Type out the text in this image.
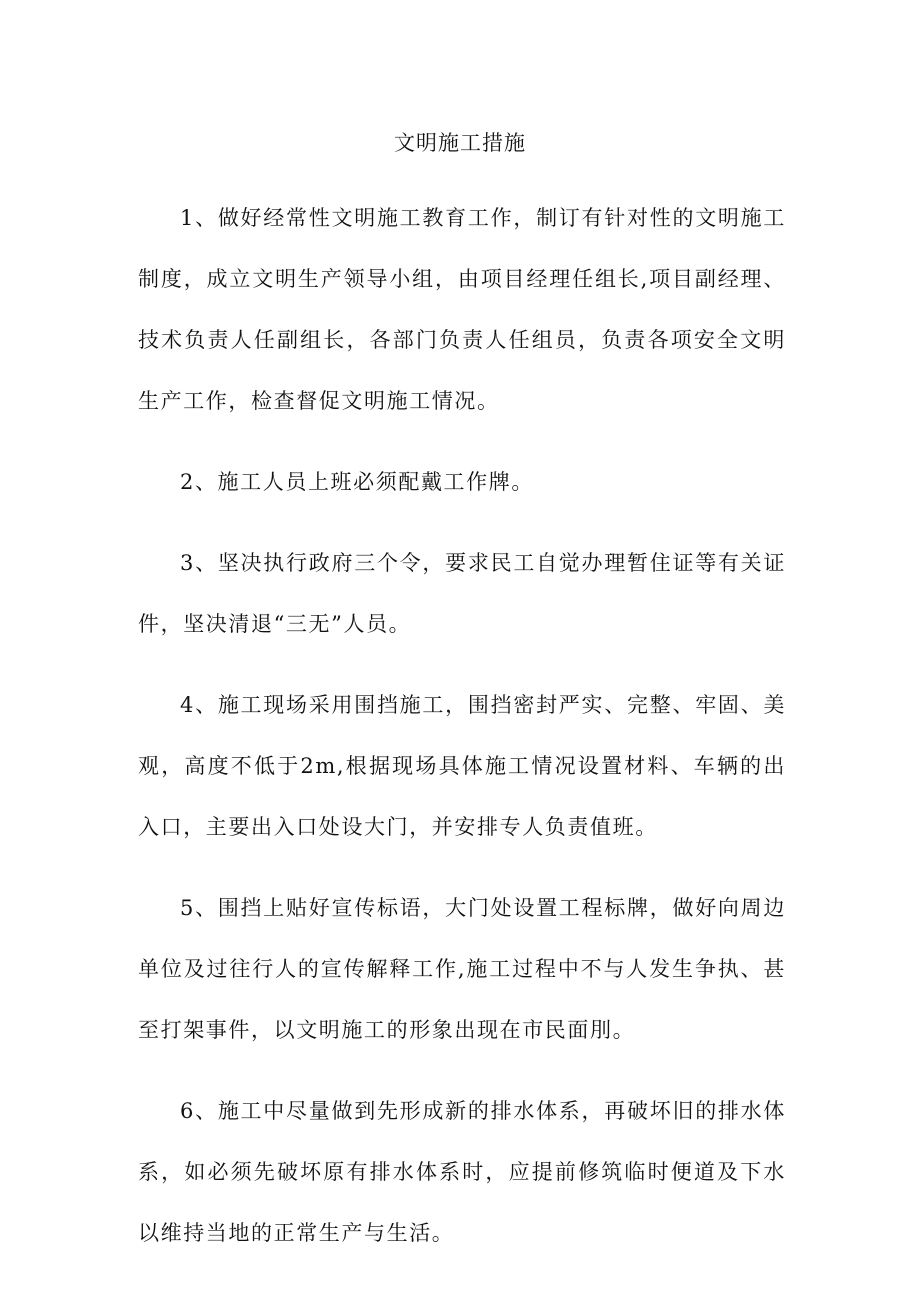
文明施工措施

1、做好经常性文明施工教育工作，制订有针对性的文明施工制度，成立文明生产领导小组，由项目经理任组长,项目副经理、技术负责人任副组长，各部门负责人任组员，负责各项安全文明生产工作，检查督促文明施工情况。

2、施工人员上班必须配戴工作牌。

3、坚决执行政府三个令，要求民工自觉办理暂住证等有关证件，坚决清退“三无”人员。

4、施工现场采用围挡施工，围挡密封严实、完整、牢固、美观，高度不低于2m,根据现场具体施工情况设置材料、车辆的出入口，主要出入口处设大门，并安排专人负责值班。

5、围挡上贴好宣传标语，大门处设置工程标牌，做好向周边单位及过往行人的宣传解释工作,施工过程中不与人发生争执、甚至打架事件，以文明施工的形象出现在市民面刖。

6、施工中尽量做到先形成新的排水体系，再破坏旧的排水体系，如必须先破坏原有排水体系时，应提前修筑临时便道及下水以维持当地的正常生产与生活。
